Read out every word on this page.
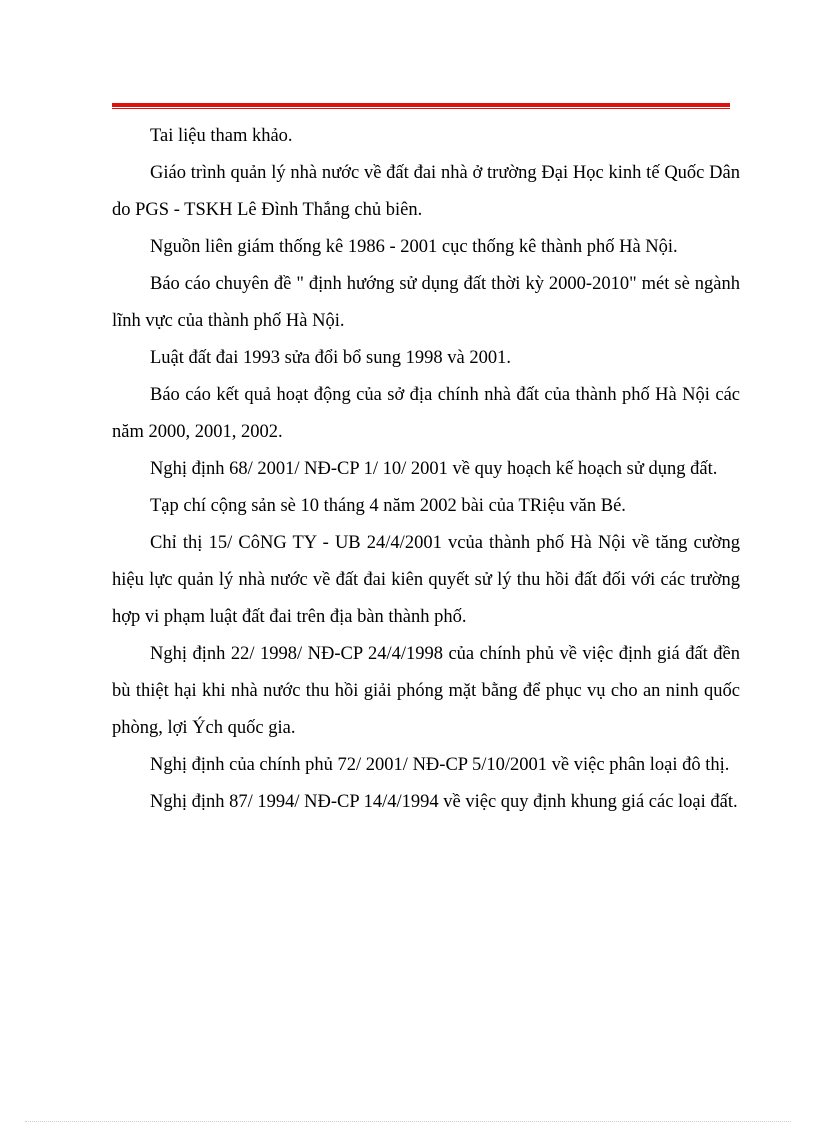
Tai liệu tham khảo.

Giáo trình quản lý nhà nước về đất đai nhà ở trường Đại Học kinh tế Quốc Dân do PGS - TSKH Lê Đình Thắng chủ biên.

Nguồn liên giám thống kê 1986 - 2001 cục thống kê thành phố Hà Nội.

Báo cáo chuyên đề " định hướng sử dụng đất thời kỳ 2000-2010" mét sè ngành lĩnh vực của thành phố Hà Nội.

Luật đất đai 1993 sửa đổi bổ sung 1998 và 2001.

Báo cáo kết quả hoạt động của sở địa chính nhà đất của thành phố Hà Nội các năm 2000, 2001, 2002.

Nghị định 68/ 2001/ NĐ-CP 1/ 10/ 2001 về quy hoạch kế hoạch sử dụng đất.

Tạp chí cộng sản sè 10 tháng 4 năm 2002 bài của TRiệu văn Bé.

Chỉ thị 15/ CôNG TY - UB 24/4/2001 vcủa thành phố Hà Nội về tăng cường hiệu lực quản lý nhà nước về đất đai kiên quyết sử lý thu hồi đất đối với các trường hợp vi phạm luật đất đai trên địa bàn thành phố.

Nghị định 22/ 1998/ NĐ-CP 24/4/1998 của chính phủ về việc định giá đất đền bù thiệt hại khi nhà nước thu hồi giải phóng mặt bằng để phục vụ cho an ninh quốc phòng, lợi Ých quốc gia.

Nghị định của chính phủ 72/ 2001/ NĐ-CP 5/10/2001 về việc phân loại đô thị.

Nghị định 87/ 1994/ NĐ-CP 14/4/1994 về việc quy định khung giá các loại đất.
